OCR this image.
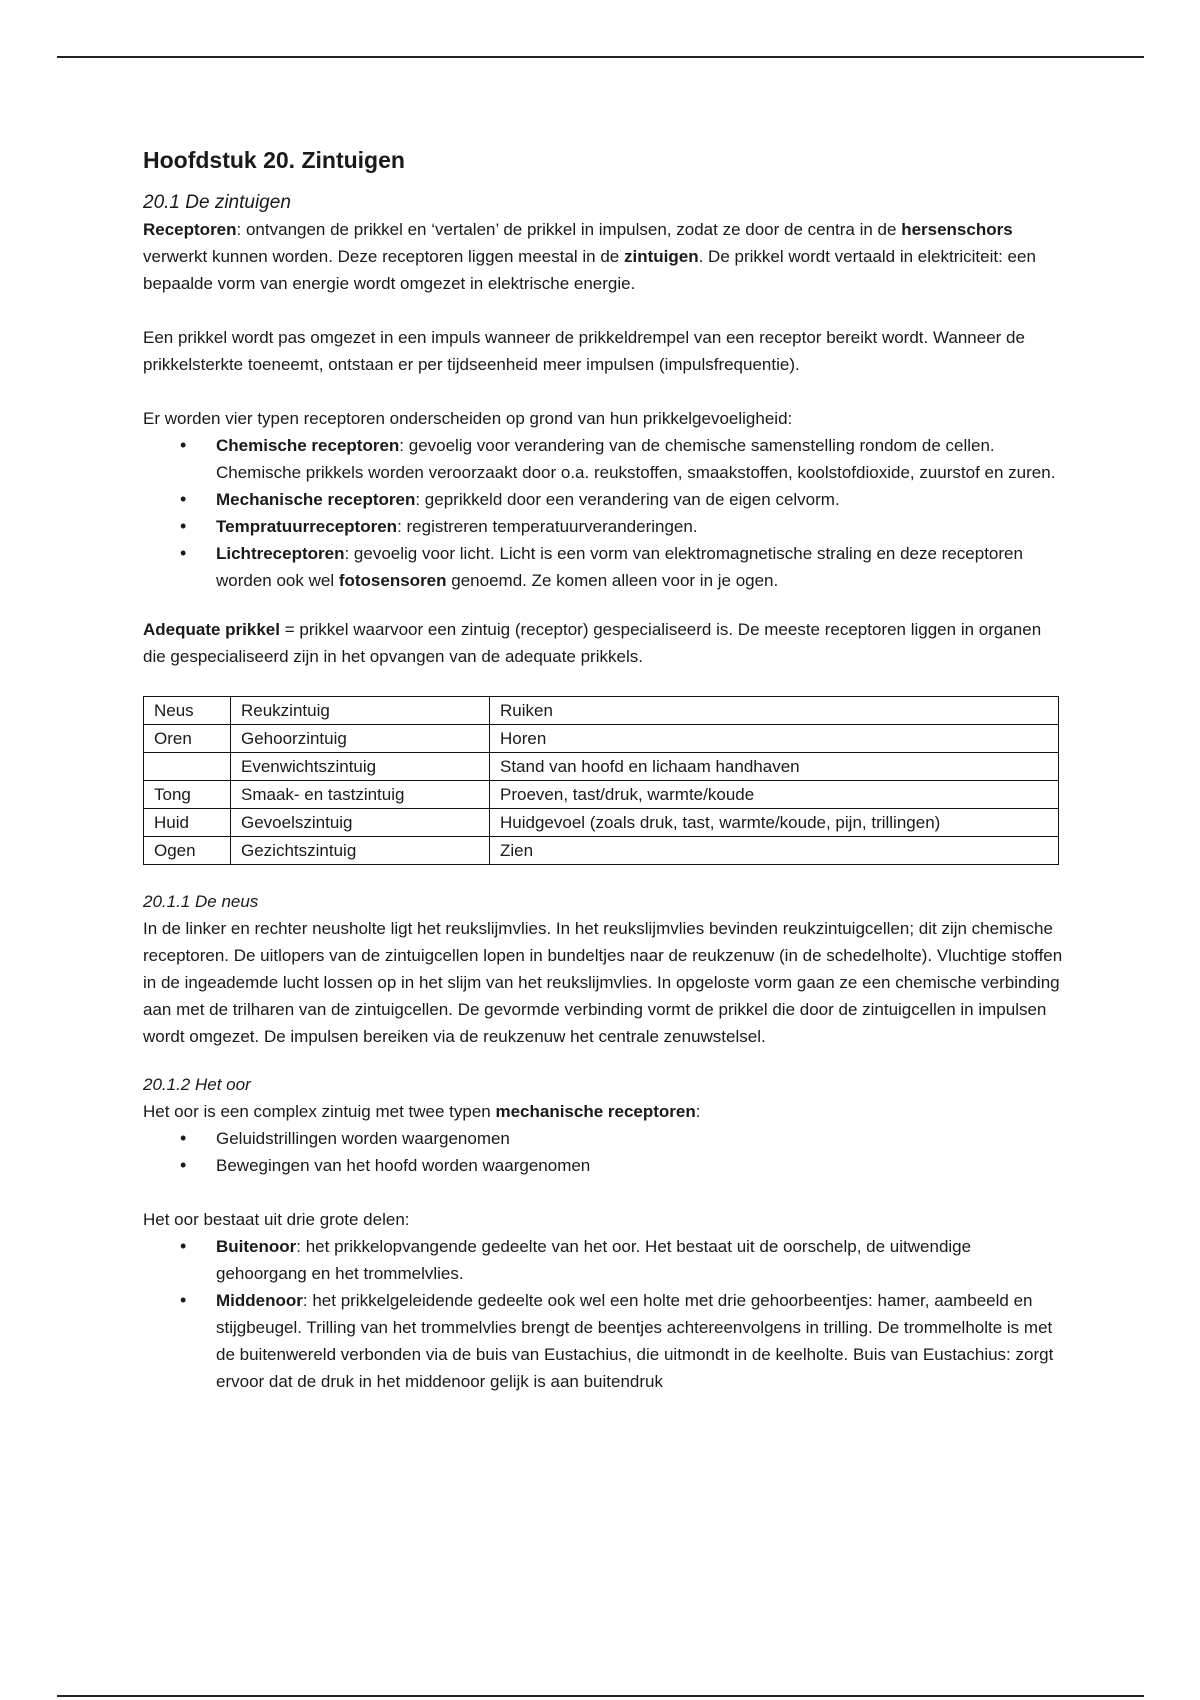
Hoofdstuk 20. Zintuigen
20.1 De zintuigen

Receptoren: ontvangen de prikkel en ‘vertalen’ de prikkel in impulsen, zodat ze door de centra in de hersenschors verwerkt kunnen worden. Deze receptoren liggen meestal in de zintuigen. De prikkel wordt vertaald in elektriciteit: een bepaalde vorm van energie wordt omgezet in elektrische energie.

Een prikkel wordt pas omgezet in een impuls wanneer de prikkeldrempel van een receptor bereikt wordt. Wanneer de prikkelsterkte toeneemt, ontstaan er per tijdseenheid meer impulsen (impulsfrequentie).

Er worden vier typen receptoren onderscheiden op grond van hun prikkelgevoeligheid:

• Chemische receptoren: gevoelig voor verandering van de chemische samenstelling rondom de cellen. Chemische prikkels worden veroorzaakt door o.a. reukstoffen, smaakstoffen, koolstofdioxide, zuurstof en zuren.
• Mechanische receptoren: geprikkeld door een verandering van de eigen celvorm.
• Tempratuurreceptoren: registreren temperatuurveranderingen.
• Lichtreceptoren: gevoelig voor licht. Licht is een vorm van elektromagnetische straling en deze receptoren worden ook wel fotosensoren genoemd. Ze komen alleen voor in je ogen.

Adequate prikkel = prikkel waarvoor een zintuig (receptor) gespecialiseerd is. De meeste receptoren liggen in organen die gespecialiseerd zijn in het opvangen van de adequate prikkels.

Neus	Reukzintuig	Ruiken
Oren	Gehoorzintuig	Horen
	Evenwichtszintuig	Stand van hoofd en lichaam handhaven
Tong	Smaak- en tastzintuig	Proeven, tast/druk, warmte/koude
Huid	Gevoelszintuig	Huidgevoel (zoals druk, tast, warmte/koude, pijn, trillingen)
Ogen	Gezichtszintuig	Zien
20.1.1 De neus

In de linker en rechter neusholte ligt het reukslijmvlies. In het reukslijmvlies bevinden reukzintuigcellen; dit zijn chemische receptoren. De uitlopers van de zintuigcellen lopen in bundeltjes naar de reukzenuw (in de schedelholte). Vluchtige stoffen in de ingeademde lucht lossen op in het slijm van het reukslijmvlies. In opgeloste vorm gaan ze een chemische verbinding aan met de trilharen van de zintuigcellen. De gevormde verbinding vormt de prikkel die door de zintuigcellen in impulsen wordt omgezet. De impulsen bereiken via de reukzenuw het centrale zenuwstelsel.

20.1.2 Het oor

Het oor is een complex zintuig met twee typen mechanische receptoren:

• Geluidstrillingen worden waargenomen
• Bewegingen van het hoofd worden waargenomen

Het oor bestaat uit drie grote delen:

• Buitenoor: het prikkelopvangende gedeelte van het oor. Het bestaat uit de oorschelp, de uitwendige gehoorgang en het trommelvlies.
• Middenoor: het prikkelgeleidende gedeelte ook wel een holte met drie gehoorbeentjes: hamer, aambeeld en stijgbeugel. Trilling van het trommelvlies brengt de beentjes achtereenvolgens in trilling. De trommelholte is met de buitenwereld verbonden via de buis van Eustachius, die uitmondt in de keelholte. Buis van Eustachius: zorgt ervoor dat de druk in het middenoor gelijk is aan buitendruk
